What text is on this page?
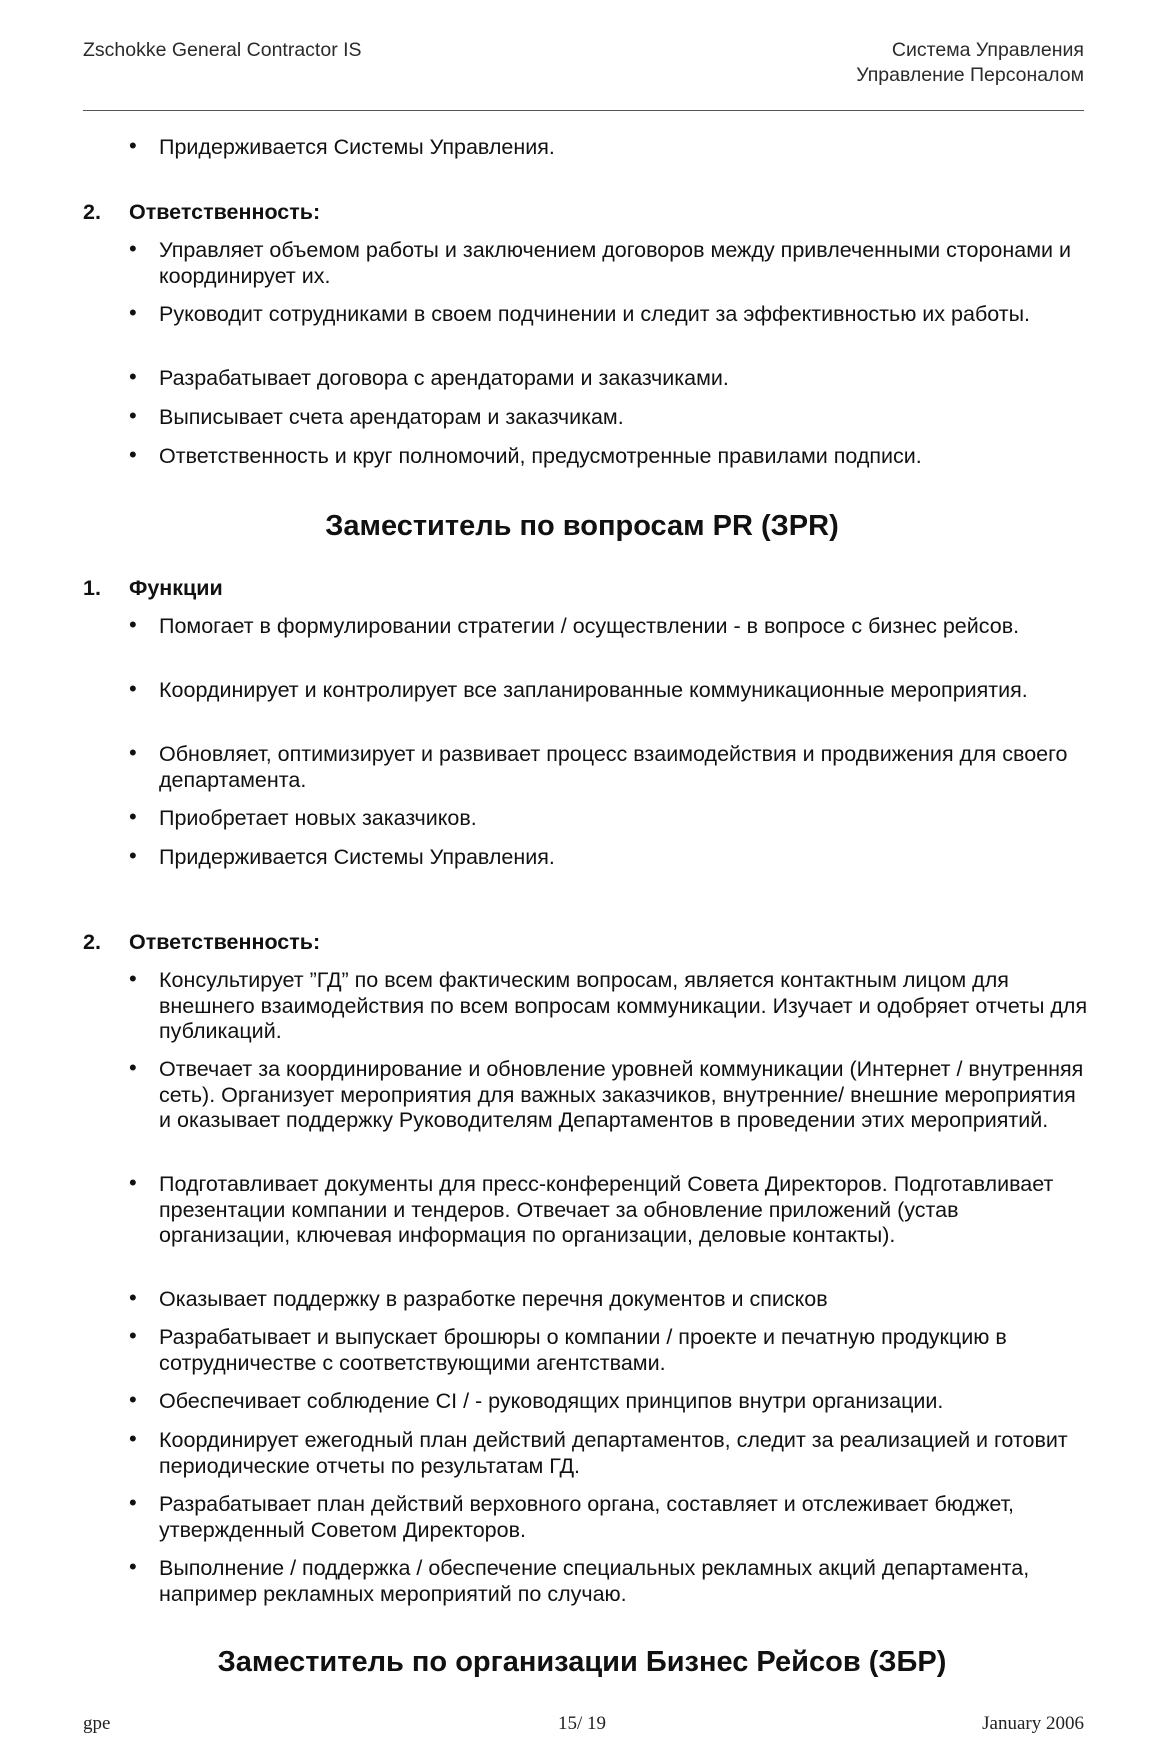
Zschokke General Contractor IS	Система Управления
Управление Персоналом
• Придерживается Системы Управления.
2. Ответственность:
• Управляет объемом работы и заключением договоров между привлеченными сторонами и координирует их.
• Руководит сотрудниками в своем подчинении и следит за эффективностью их работы.
• Разрабатывает договора с арендаторами и заказчиками.
• Выписывает счета арендаторам и заказчикам.
• Ответственность и круг полномочий, предусмотренные правилами подписи.
Заместитель по вопросам PR (ЗPR)
1. Функции
• Помогает в формулировании стратегии / осуществлении - в вопросе с бизнес рейсов.
• Координирует и контролирует все запланированные коммуникационные мероприятия.
• Обновляет, оптимизирует и развивает процесс взаимодействия и продвижения для своего департамента.
• Приобретает новых заказчиков.
• Придерживается Системы Управления.
2. Ответственность:
• Консультирует ”ГД” по всем фактическим вопросам, является контактным лицом для внешнего взаимодействия по всем вопросам коммуникации. Изучает и одобряет отчеты для публикаций.
• Отвечает за координирование и обновление уровней коммуникации (Интернет / внутренняя сеть). Организует мероприятия для важных заказчиков, внутренние/ внешние мероприятия и оказывает поддержку Руководителям Департаментов в проведении этих мероприятий.
• Подготавливает документы для пресс-конференций Совета Директоров. Подготавливает презентации компании и тендеров. Отвечает за обновление приложений (устав организации, ключевая информация по организации, деловые контакты).
• Оказывает поддержку в разработке перечня документов и списков
• Разрабатывает и выпускает брошюры о компании / проекте и печатную продукцию в сотрудничестве с соответствующими агентствами.
• Обеспечивает соблюдение CI / - руководящих принципов внутри организации.
• Координирует ежегодный план действий департаментов, следит за реализацией и готовит периодические отчеты по результатам ГД.
• Разрабатывает план действий верховного органа, составляет и отслеживает бюджет, утвержденный Советом Директоров.
• Выполнение / поддержка / обеспечение специальных рекламных акций департамента, например рекламных мероприятий по случаю.
Заместитель по организации Бизнес Рейсов (ЗБР)
gpe	15/ 19	January 2006
